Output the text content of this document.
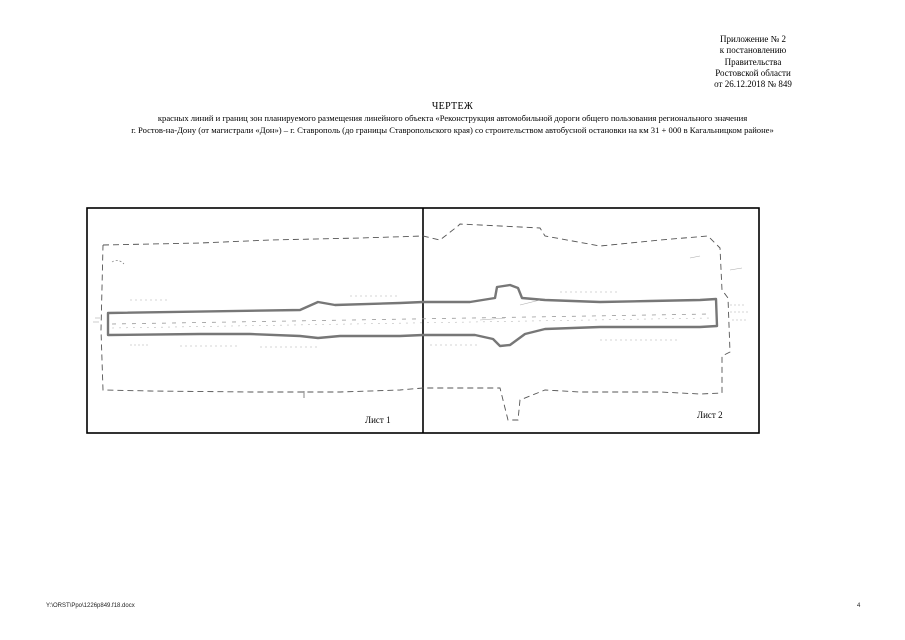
Приложение № 2
к постановлению
Правительства
Ростовской области
от 26.12.2018 № 849
ЧЕРТЕЖ
красных линий и границ зон планируемого размещения линейного объекта «Реконструкция автомобильной дороги общего пользования регионального значения
г. Ростов-на-Дону (от магистрали «Дон») – г. Ставрополь (до границы Ставропольского края) со строительством автобусной остановки на км 31 + 000 в Кагальницком районе»
Лист 1	Лист 2
Y:\ORST\Ppo\1226p849.f18.docx	4
